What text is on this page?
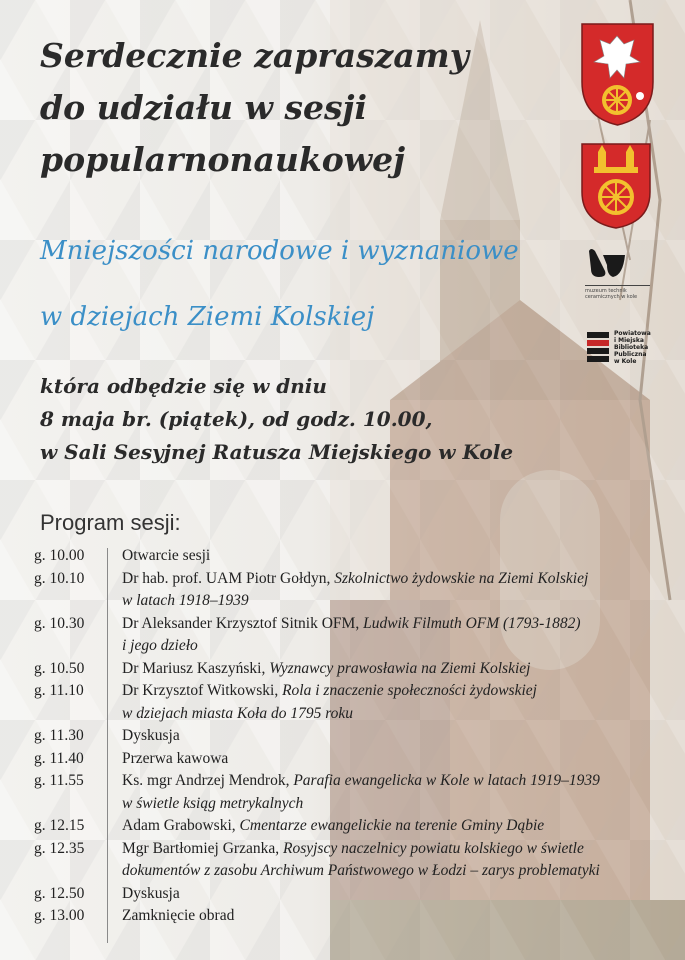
Serdecznie zapraszamy
do udziału w sesji
popularnonaukowej
Mniejszości narodowe i wyznaniowe
w dziejach Ziemi Kolskiej
która odbędzie się w dniu
8 maja br. (piątek), od godz. 10.00,
w Sali Sesyjnej Ratusza Miejskiego w Kole
Program sesji:
g. 10.00	Otwarcie sesji
g. 10.10	Dr hab. prof. UAM Piotr Gołdyn, Szkolnictwo żydowskie na Ziemi Kolskiej
w latach 1918–1939
g. 10.30	Dr Aleksander Krzysztof Sitnik OFM, Ludwik Filmuth OFM (1793-1882)
i jego dzieło
g. 10.50	Dr Mariusz Kaszyński, Wyznawcy prawosławia na Ziemi Kolskiej
g. 11.10	Dr Krzysztof Witkowski, Rola i znaczenie społeczności żydowskiej
w dziejach miasta Koła do 1795 roku
g. 11.30	Dyskusja
g. 11.40	Przerwa kawowa
g. 11.55	Ks. mgr Andrzej Mendrok, Parafia ewangelicka w Kole w latach 1919–1939
w świetle ksiąg metrykalnych
g. 12.15	Adam Grabowski, Cmentarze ewangelickie na terenie Gminy Dąbie
g. 12.35	Mgr Bartłomiej Grzanka, Rosyjscy naczelnicy powiatu kolskiego w świetle
dokumentów z zasobu Archiwum Państwowego w Łodzi – zarys problematyki
g. 12.50	Dyskusja
g. 13.00	Zamknięcie obrad
muzeum technik ceramicznych w kole
Powiatowa
i Miejska
Biblioteka
Publiczna
w Kole
